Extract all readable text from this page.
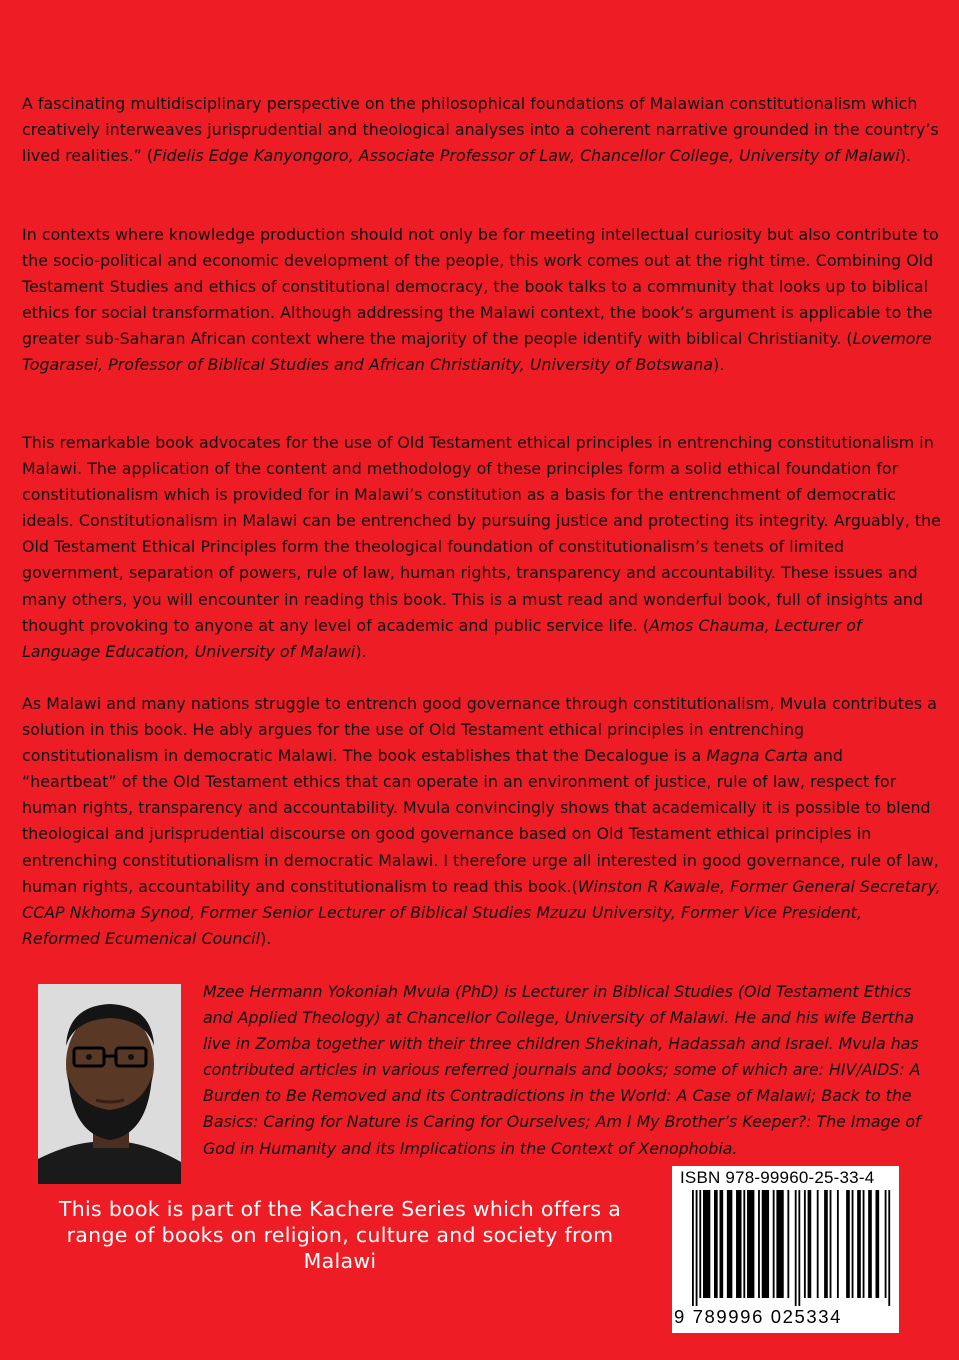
A fascinating multidisciplinary perspective on the philosophical foundations of Malawian constitutionalism which creatively interweaves jurisprudential and theological analyses into a coherent narrative grounded in the country’s lived realities.” (Fidelis Edge Kanyongoro, Associate Professor of Law, Chancellor College, University of Malawi).

In contexts where knowledge production should not only be for meeting intellectual curiosity but also contribute to the socio-political and economic development of the people, this work comes out at the right time. Combining Old Testament Studies and ethics of constitutional democracy, the book talks to a community that looks up to biblical ethics for social transformation. Although addressing the Malawi context, the book’s argument is applicable to the greater sub-Saharan African context where the majority of the people identify with biblical Christianity. (Lovemore Togarasei, Professor of Biblical Studies and African Christianity, University of Botswana).

This remarkable book advocates for the use of Old Testament ethical principles in entrenching constitutionalism in Malawi. The application of the content and methodology of these principles form a solid ethical foundation for constitutionalism which is provided for in Malawi’s constitution as a basis for the entrenchment of democratic ideals. Constitutionalism in Malawi can be entrenched by pursuing justice and protecting its integrity. Arguably, the Old Testament Ethical Principles form the theological foundation of constitutionalism’s tenets of limited government, separation of powers, rule of law, human rights, transparency and accountability. These issues and many others, you will encounter in reading this book. This is a must read and wonderful book, full of insights and thought provoking to anyone at any level of academic and public service life. (Amos Chauma, Lecturer of Language Education, University of Malawi).

As Malawi and many nations struggle to entrench good governance through constitutionalism, Mvula contributes a solution in this book. He ably argues for the use of Old Testament ethical principles in entrenching constitutionalism in democratic Malawi. The book establishes that the Decalogue is a Magna Carta and “heartbeat” of the Old Testament ethics that can operate in an environment of justice, rule of law, respect for human rights, transparency and accountability. Mvula convincingly shows that academically it is possible to blend theological and jurisprudential discourse on good governance based on Old Testament ethical principles in entrenching constitutionalism in democratic Malawi. I therefore urge all interested in good governance, rule of law, human rights, accountability and constitutionalism to read this book.(Winston R Kawale, Former General Secretary, CCAP Nkhoma Synod, Former Senior Lecturer of Biblical Studies Mzuzu University, Former Vice President, Reformed Ecumenical Council).

Mzee Hermann Yokoniah Mvula (PhD) is Lecturer in Biblical Studies (Old Testament Ethics and Applied Theology) at Chancellor College, University of Malawi. He and his wife Bertha live in Zomba together with their three children Shekinah, Hadassah and Israel. Mvula has contributed articles in various referred journals and books; some of which are: HIV/AIDS: A Burden to Be Removed and its Contradictions in the World: A Case of Malawi; Back to the Basics: Caring for Nature is Caring for Ourselves; Am I My Brother’s Keeper?: The Image of God in Humanity and its Implications in the Context of Xenophobia.

This book is part of the Kachere Series which offers a range of books on religion, culture and society from Malawi
ISBN 978-99960-25-33-4
9 789996 025334
